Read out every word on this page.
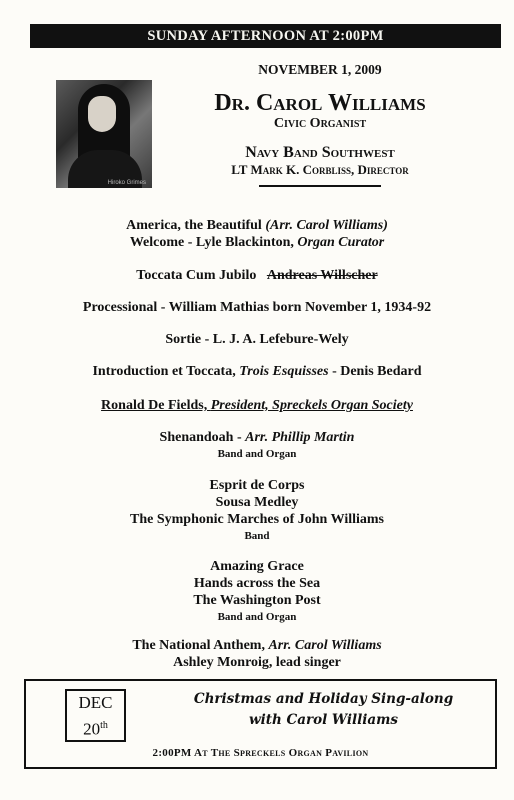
SUNDAY AFTERNOON AT 2:00PM
Hiroko Grimes
NOVEMBER 1, 2009
Dr. Carol Williams
Civic Organist
Navy Band Southwest
LT Mark K. Corbliss, Director
America, the Beautiful (Arr. Carol Williams)
Welcome - Lyle Blackinton, Organ Curator
Toccata Cum Jubilo Andreas Willscher
Processional - William Mathias born November 1, 1934-92
Sortie - L. J. A. Lefebure-Wely
Introduction et Toccata, Trois Esquisses - Denis Bedard
Ronald De Fields, President, Spreckels Organ Society
Shenandoah - Arr. Phillip Martin
Band and Organ
Esprit de Corps
Sousa Medley
The Symphonic Marches of John Williams
Band
Amazing Grace
Hands across the Sea
The Washington Post
Band and Organ
The National Anthem, Arr. Carol Williams
Ashley Monroig, lead singer
DEC
20th
Christmas and Holiday Sing-along
with Carol Williams
2:00PM At The Spreckels Organ Pavilion
